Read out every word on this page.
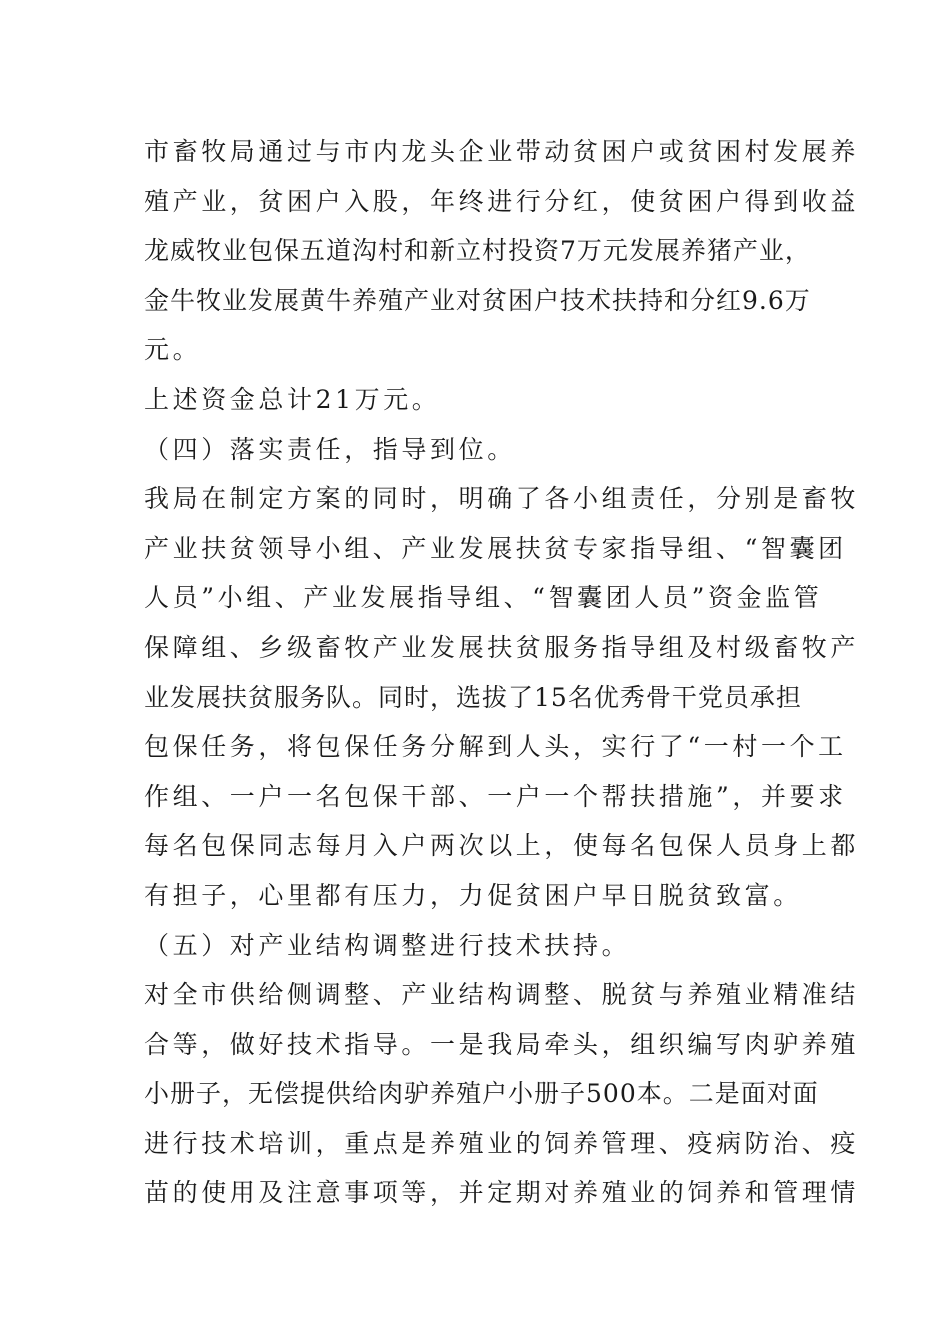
市畜牧局通过与市内龙头企业带动贫困户或贫困村发展养
殖产业，贫困户入股，年终进行分红，使贫困户得到收益
龙威牧业包保五道沟村和新立村投资7万元发展养猪产业，
金牛牧业发展黄牛养殖产业对贫困户技术扶持和分红9.6万
元。
上述资金总计21万元。
（四）落实责任，指导到位。
我局在制定方案的同时，明确了各小组责任，分别是畜牧
产业扶贫领导小组、产业发展扶贫专家指导组、“智囊团
人员”小组、产业发展指导组、“智囊团人员”资金监管
保障组、乡级畜牧产业发展扶贫服务指导组及村级畜牧产
业发展扶贫服务队。同时，选拔了15名优秀骨干党员承担
包保任务，将包保任务分解到人头，实行了“一村一个工
作组、一户一名包保干部、一户一个帮扶措施”，并要求
每名包保同志每月入户两次以上，使每名包保人员身上都
有担子，心里都有压力，力促贫困户早日脱贫致富。
（五）对产业结构调整进行技术扶持。
对全市供给侧调整、产业结构调整、脱贫与养殖业精准结
合等，做好技术指导。一是我局牵头，组织编写肉驴养殖
小册子，无偿提供给肉驴养殖户小册子500本。二是面对面
进行技术培训，重点是养殖业的饲养管理、疫病防治、疫
苗的使用及注意事项等，并定期对养殖业的饲养和管理情
